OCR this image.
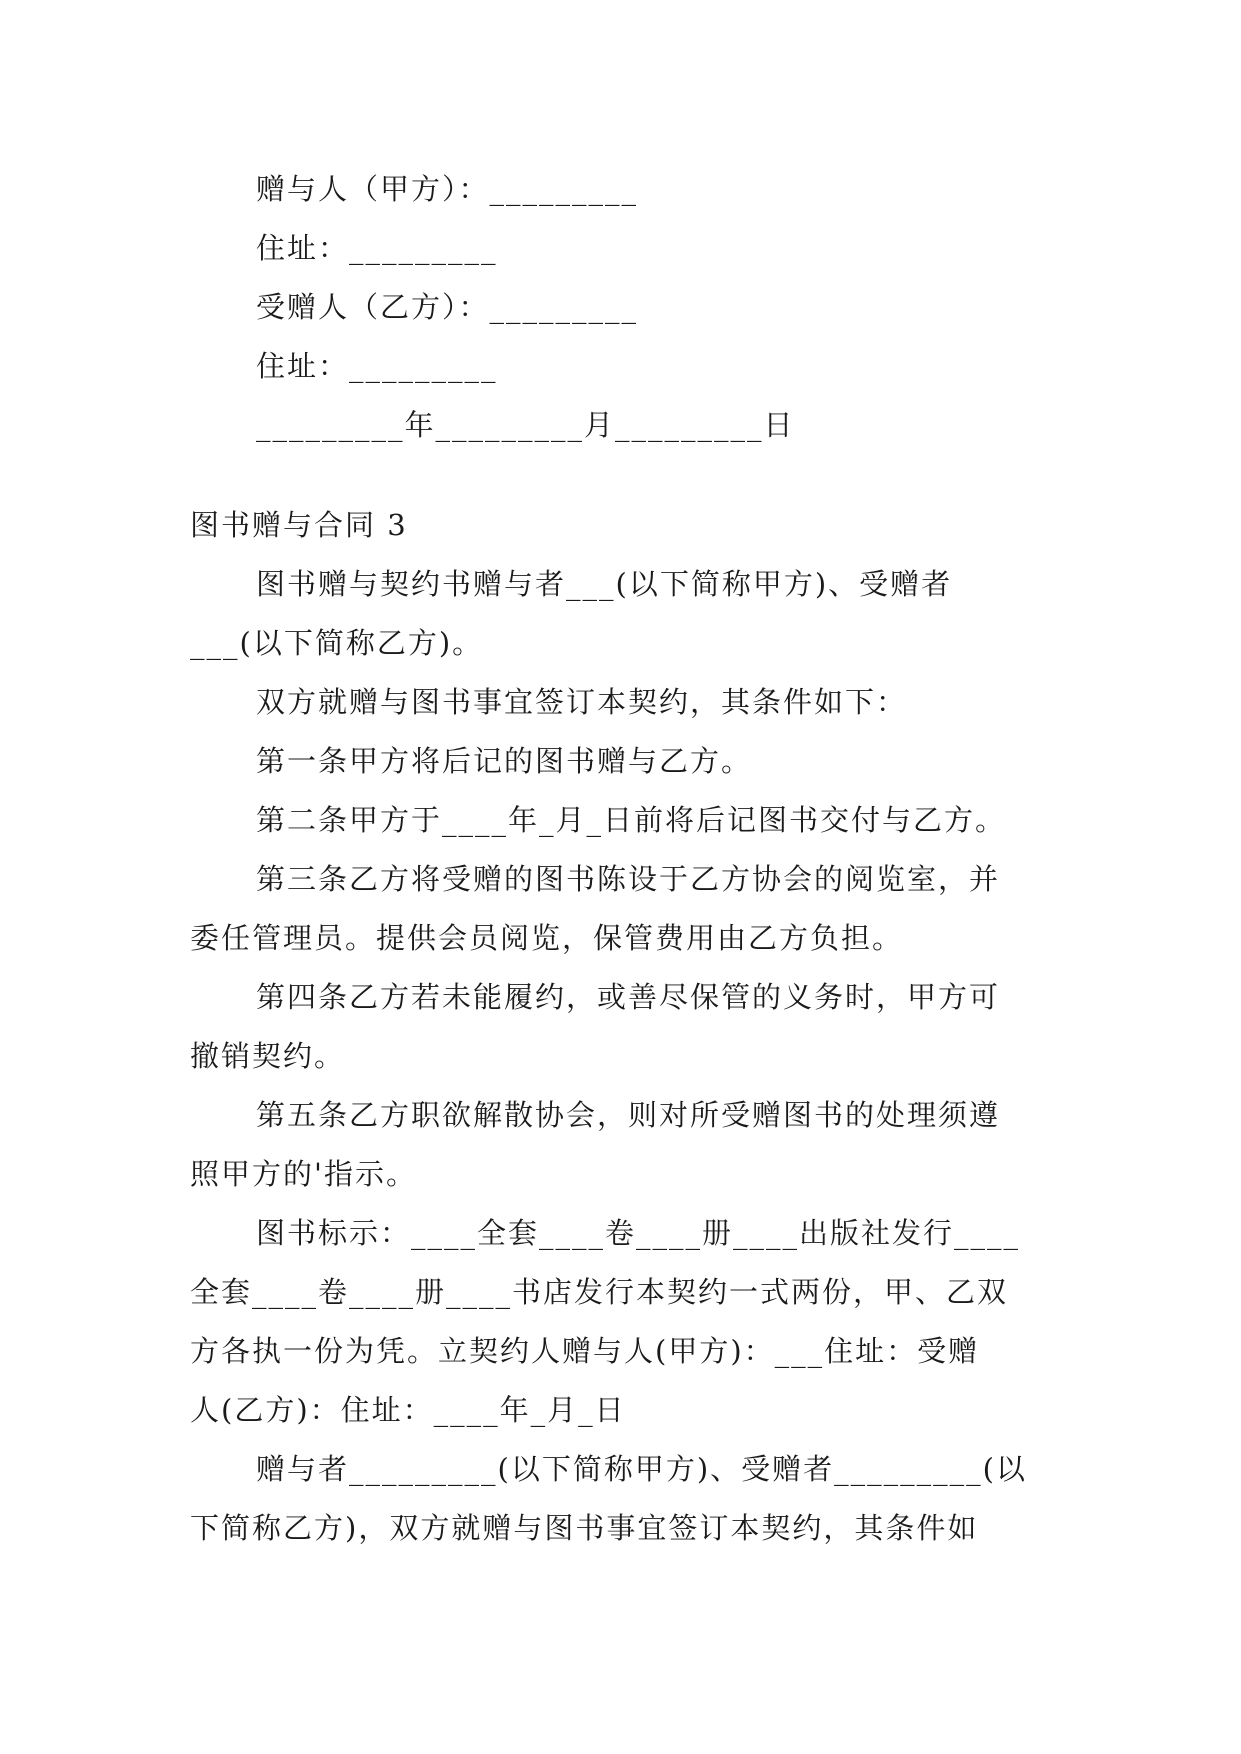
赠与人（甲方）：_________
住址：_________
受赠人（乙方）：_________
住址：_________
_________年_________月_________日
图书赠与合同 3
图书赠与契约书赠与者___(以下简称甲方)、受赠者
___(以下简称乙方)。
双方就赠与图书事宜签订本契约，其条件如下：
第一条甲方将后记的图书赠与乙方。
第二条甲方于____年_月_日前将后记图书交付与乙方。
第三条乙方将受赠的图书陈设于乙方协会的阅览室，并
委任管理员。提供会员阅览，保管费用由乙方负担。
第四条乙方若未能履约，或善尽保管的义务时，甲方可
撤销契约。
第五条乙方职欲解散协会，则对所受赠图书的处理须遵
照甲方的'指示。
图书标示：____全套____卷____册____出版社发行____
全套____卷____册____书店发行本契约一式两份，甲、乙双
方各执一份为凭。立契约人赠与人(甲方)：___住址：受赠
人(乙方)：住址：____年_月_日
赠与者_________(以下简称甲方)、受赠者_________(以
下简称乙方)，双方就赠与图书事宜签订本契约，其条件如
